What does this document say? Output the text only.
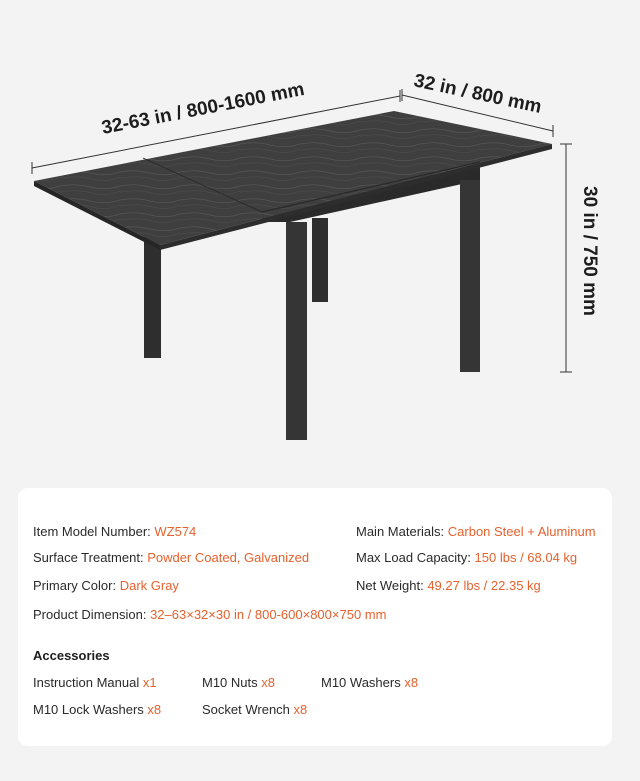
32-63 in / 800-1600 mm	32 in / 800 mm
30 in / 750 mm
Item Model Number: WZ574
Surface Treatment: Powder Coated, Galvanized
Primary Color: Dark Gray
Product Dimension: 32–63×32×30 in / 800-600×800×750 mm
Main Materials: Carbon Steel + Aluminum
Max Load Capacity: 150 lbs / 68.04 kg
Net Weight: 49.27 lbs / 22.35 kg
Accessories
Instruction Manual x1	M10 Nuts x8	M10 Washers x8
M10 Lock Washers x8	Socket Wrench x8
